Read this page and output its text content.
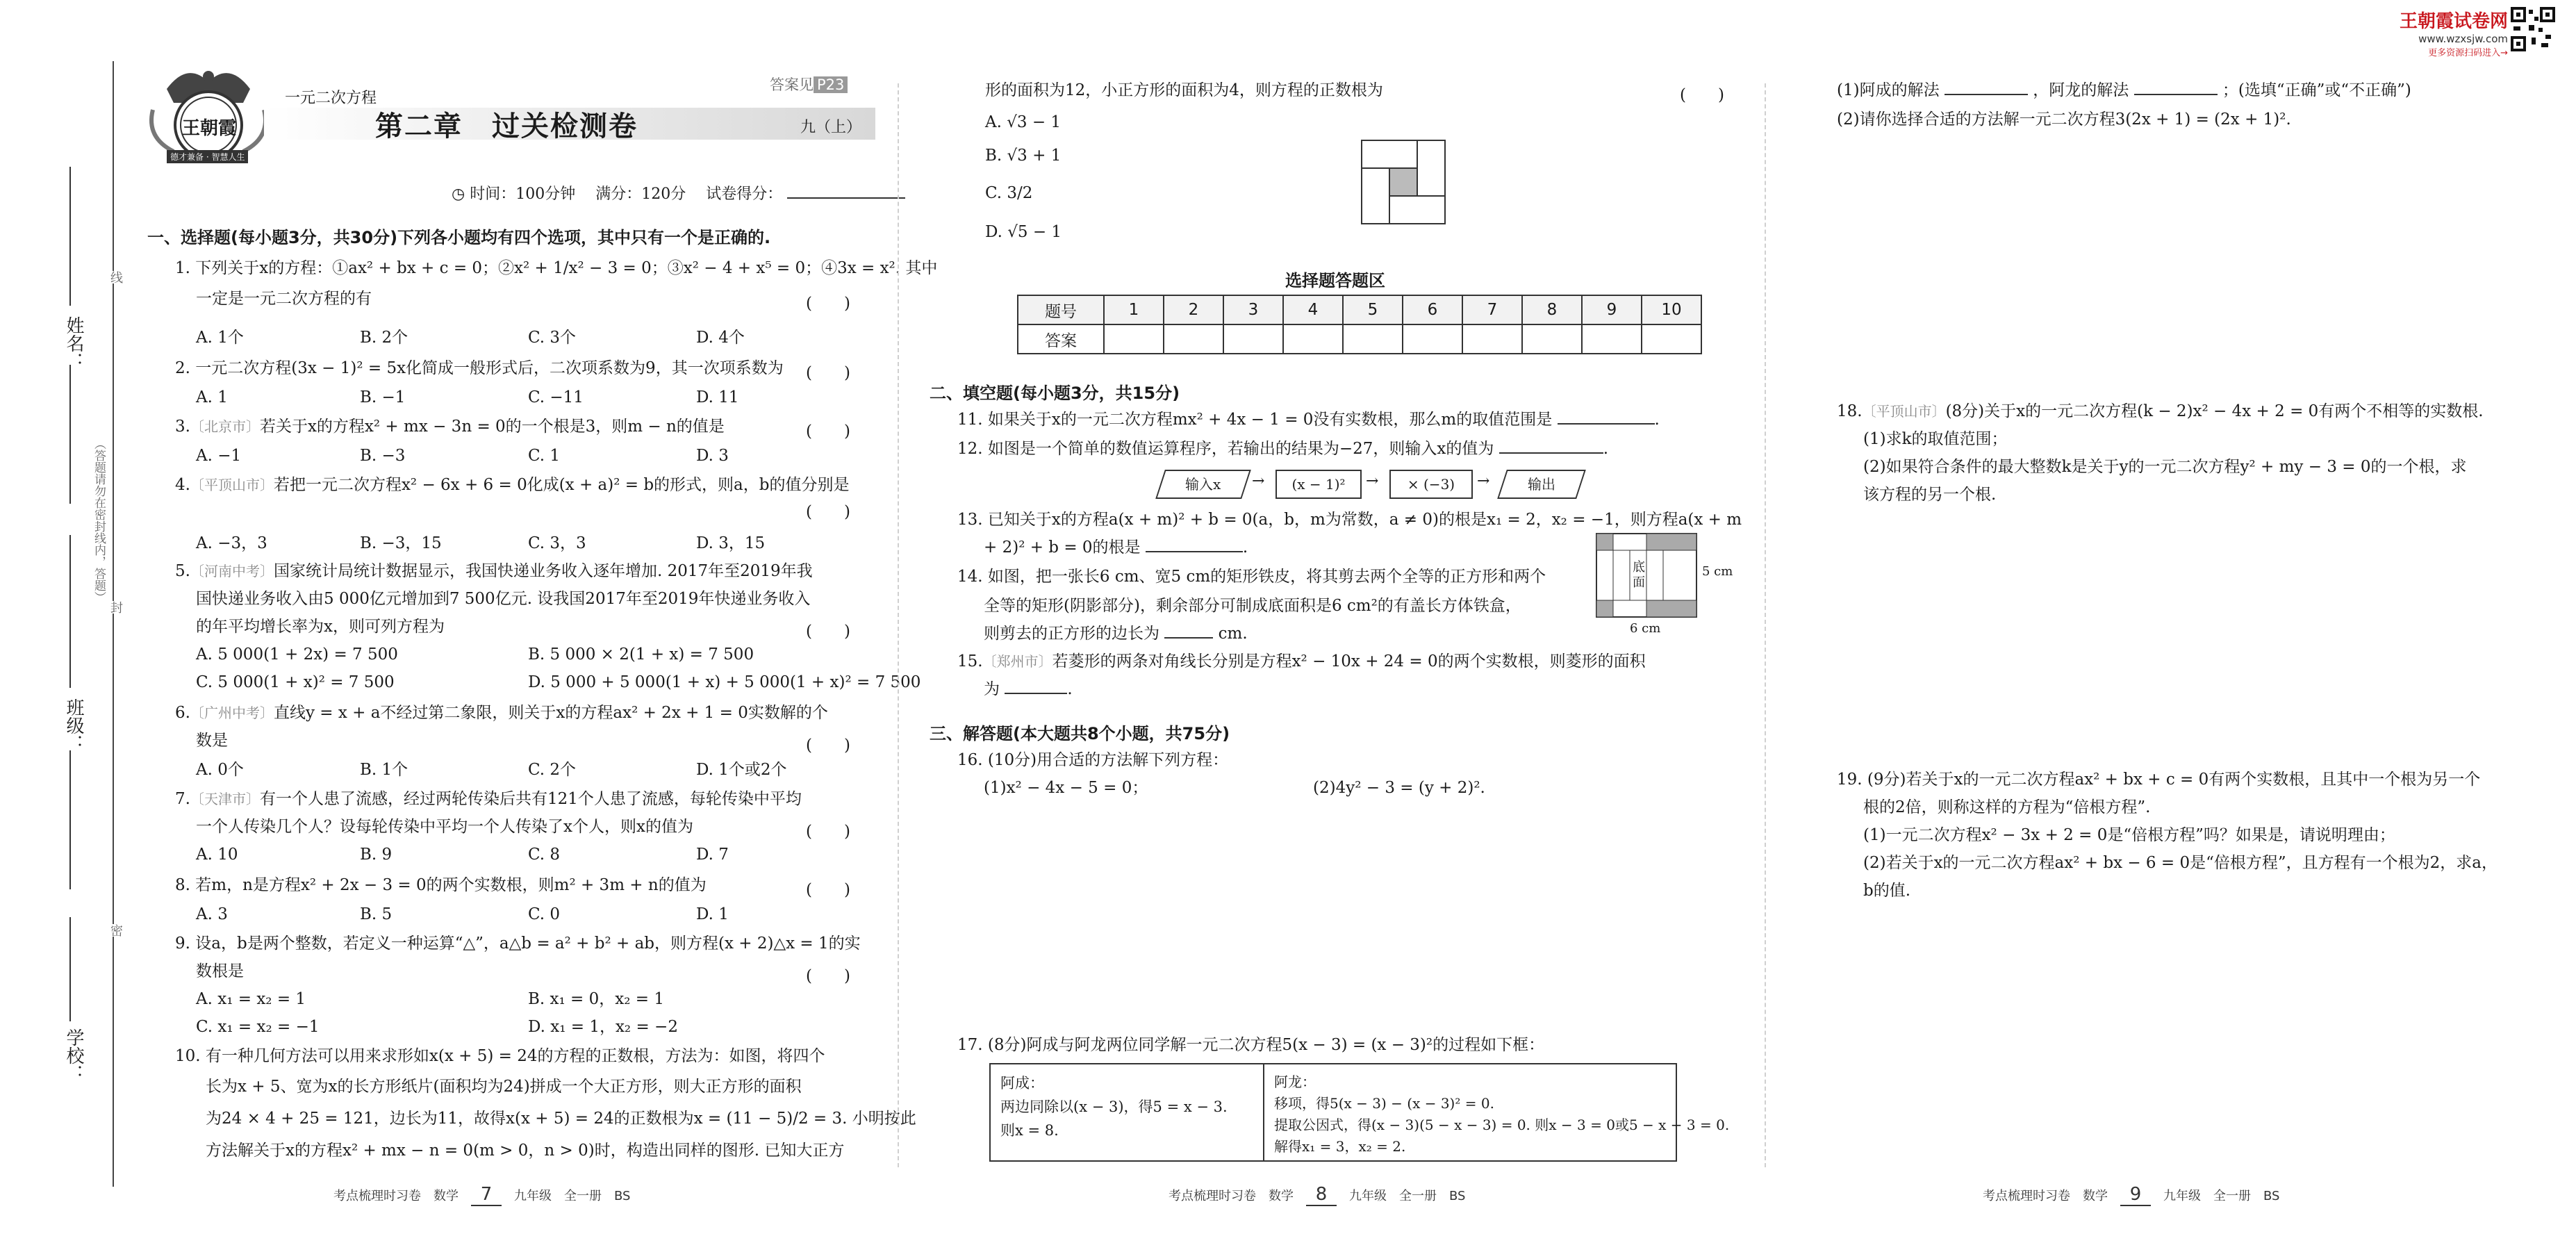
姓名：
班级：
学校：
线
封
密
（答题请勿在密封线内，答题）
王朝霞
德才兼备 · 智慧人生
一元二次方程
答案见 P23
第二章　过关检测卷	九（上）
◷ 时间：100分钟 满分：120分 试卷得分：
一、选择题(每小题3分，共30分)下列各小题均有四个选项，其中只有一个是正确的.
1. 下列关于x的方程：①ax² + bx + c = 0；②x² + 1/x² − 3 = 0；③x² − 4 + x⁵ = 0；④3x = x². 其中
一定是一元二次方程的有	(　　)
A. 1个	B. 2个	C. 3个	D. 4个
2. 一元二次方程(3x − 1)² = 5x化简成一般形式后，二次项系数为9，其一次项系数为 (　　)
A. 1	B. −1	C. −11	D. 11
3.〔北京市〕若关于x的方程x² + mx − 3n = 0的一个根是3，则m − n的值是	(　　)
A. −1	B. −3	C. 1	D. 3
4.〔平顶山市〕若把一元二次方程x² − 6x + 6 = 0化成(x + a)² = b的形式，则a，b的值分别是
(　　)
A. −3，3	B. −3，15	C. 3，3	D. 3，15
5.〔河南中考〕国家统计局统计数据显示，我国快递业务收入逐年增加. 2017年至2019年我
国快递业务收入由5 000亿元增加到7 500亿元. 设我国2017年至2019年快递业务收入
的年平均增长率为x，则可列方程为	(　　)
A. 5 000(1 + 2x) = 7 500	B. 5 000 × 2(1 + x) = 7 500
C. 5 000(1 + x)² = 7 500	D. 5 000 + 5 000(1 + x) + 5 000(1 + x)² = 7 500
6.〔广州中考〕直线y = x + a不经过第二象限，则关于x的方程ax² + 2x + 1 = 0实数解的个
数是	(　　)
A. 0个	B. 1个	C. 2个	D. 1个或2个
7.〔天津市〕有一个人患了流感，经过两轮传染后共有121个人患了流感，每轮传染中平均
一个人传染几个人？设每轮传染中平均一个人传染了x个人，则x的值为	(　　)
A. 10	B. 9	C. 8	D. 7
8. 若m，n是方程x² + 2x − 3 = 0的两个实数根，则m² + 3m + n的值为	(　　)
A. 3	B. 5	C. 0	D. 1
9. 设a，b是两个整数，若定义一种运算“△”，a△b = a² + b² + ab，则方程(x + 2)△x = 1的实
数根是	(　　)
A. x₁ = x₂ = 1	B. x₁ = 0，x₂ = 1
C. x₁ = x₂ = −1	D. x₁ = 1，x₂ = −2
10. 有一种几何方法可以用来求形如x(x + 5) = 24的方程的正数根，方法为：如图，将四个
长为x + 5、宽为x的长方形纸片(面积均为24)拼成一个大正方形，则大正方形的面积
为24 × 4 + 25 = 121，边长为11，故得x(x + 5) = 24的正数根为x = (11 − 5)/2 = 3. 小明按此
方法解关于x的方程x² + mx − n = 0(m > 0，n > 0)时，构造出同样的图形. 已知大正方
考点梳理时习卷　数学 7 九年级　全一册　BS
形的面积为12，小正方形的面积为4，则方程的正数根为	(　　)
A. √3 − 1
B. √3 + 1
C. 3/2
D. √5 − 1
选择题答题区
题号	1	2	3	4	5	6	7	8	9	10
答案										
二、填空题(每小题3分，共15分)
11. 如果关于x的一元二次方程mx² + 4x − 1 = 0没有实数根，那么m的取值范围是	.
12. 如图是一个简单的数值运算程序，若输出的结果为−27，则输入x的值为	.
输入x	→	(x − 1)²	→	× (−3)	→	输出
13. 已知关于x的方程a(x + m)² + b = 0(a，b，m为常数，a ≠ 0)的根是x₁ = 2，x₂ = −1，则方程a(x + m
+ 2)² + b = 0的根是	.
14. 如图，把一张长6 cm、宽5 cm的矩形铁皮，将其剪去两个全等的正方形和两个
全等的矩形(阴影部分)，剩余部分可制成底面积是6 cm²的有盖长方体铁盒，
则剪去的正方形的边长为	cm.
底面
5 cm
6 cm
15.〔郑州市〕若菱形的两条对角线长分别是方程x² − 10x + 24 = 0的两个实数根，则菱形的面积
为	.
三、解答题(本大题共8个小题，共75分)
16. (10分)用合适的方法解下列方程：
(1)x² − 4x − 5 = 0；	(2)4y² − 3 = (y + 2)².
17. (8分)阿成与阿龙两位同学解一元二次方程5(x − 3) = (x − 3)²的过程如下框：
阿成：
两边同除以(x − 3)，得5 = x − 3.
则x = 8.
阿龙：
移项，得5(x − 3) − (x − 3)² = 0.
提取公因式，得(x − 3)(5 − x − 3) = 0. 则x − 3 = 0或5 − x − 3 = 0.
解得x₁ = 3，x₂ = 2.
考点梳理时习卷　数学 8 九年级　全一册　BS
王朝霞试卷网
www.wzxsjw.com
更多资源扫码进入→
(1)阿成的解法	，阿龙的解法	；(选填“正确”或“不正确”)
(2)请你选择合适的方法解一元二次方程3(2x + 1) = (2x + 1)².
18.〔平顶山市〕(8分)关于x的一元二次方程(k − 2)x² − 4x + 2 = 0有两个不相等的实数根.
(1)求k的取值范围；
(2)如果符合条件的最大整数k是关于y的一元二次方程y² + my − 3 = 0的一个根，求
该方程的另一个根.
19. (9分)若关于x的一元二次方程ax² + bx + c = 0有两个实数根，且其中一个根为另一个
根的2倍，则称这样的方程为“倍根方程”.
(1)一元二次方程x² − 3x + 2 = 0是“倍根方程”吗？如果是，请说明理由；
(2)若关于x的一元二次方程ax² + bx − 6 = 0是“倍根方程”，且方程有一个根为2，求a，
b的值.
考点梳理时习卷　数学 9 九年级　全一册　BS
